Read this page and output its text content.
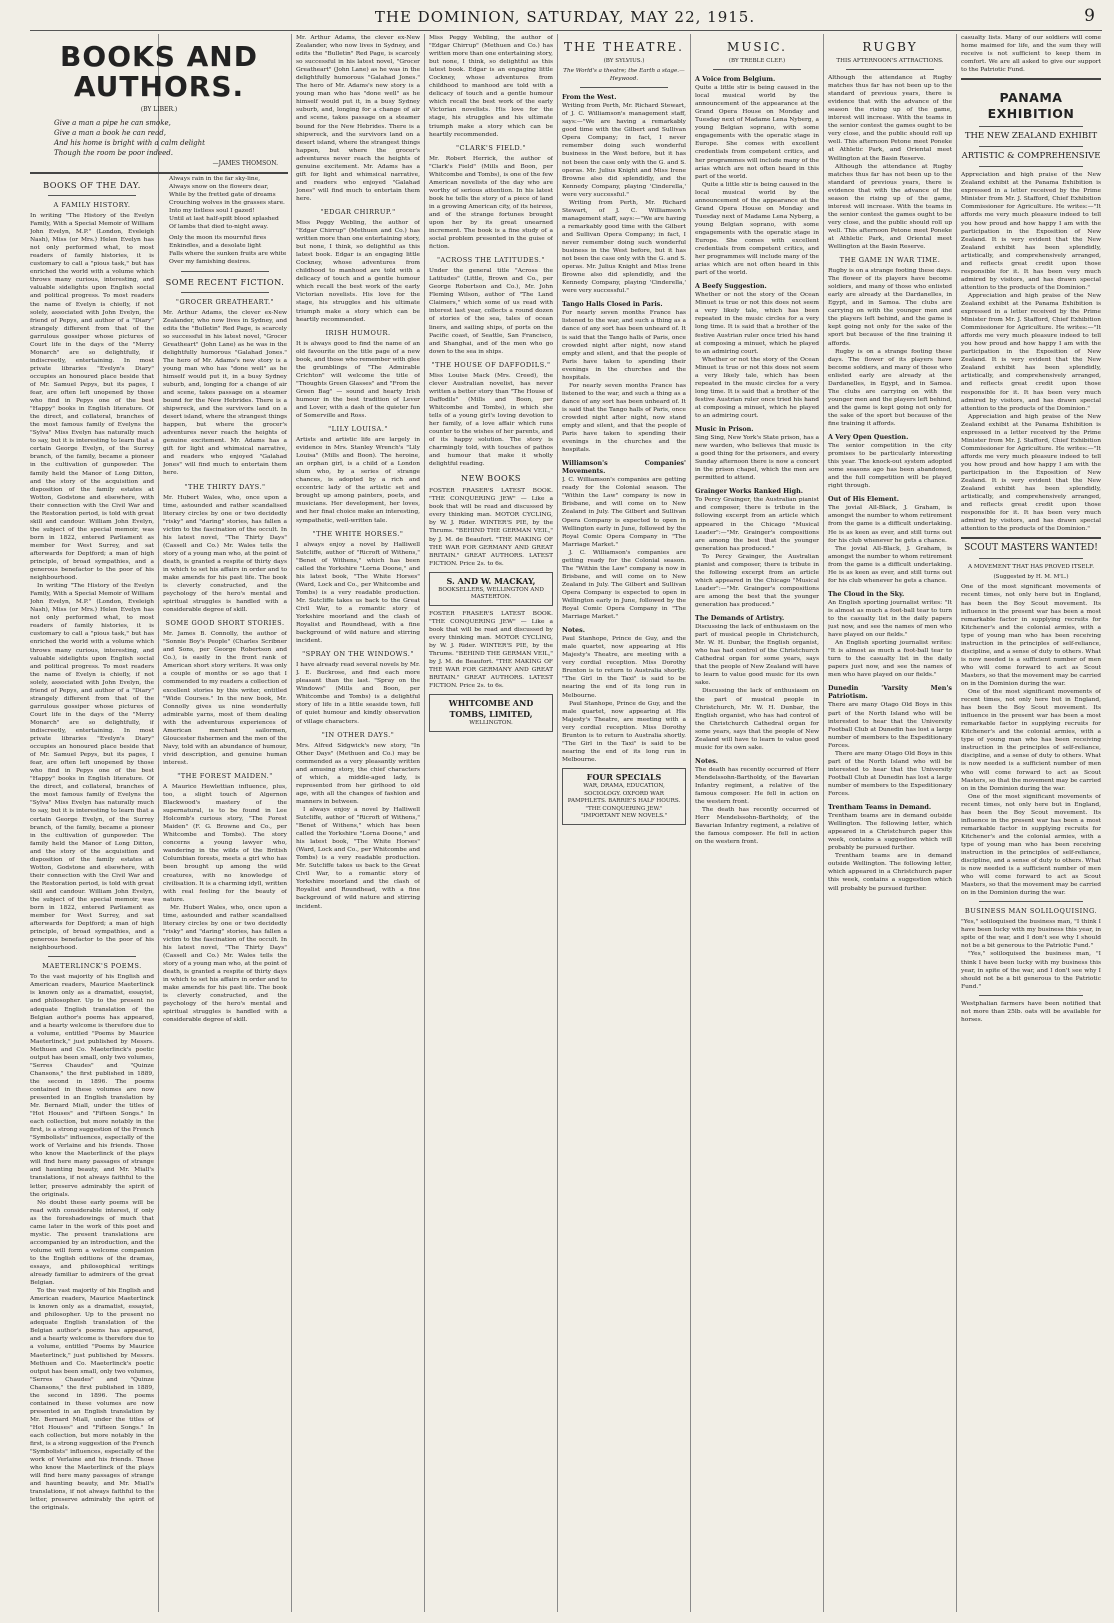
THE DOMINION, SATURDAY, MAY 22, 1915.	9
BOOKS AND AUTHORS.
(BY LIBER.)
Give a man a pipe he can smoke,
Give a man a book he can read,
And his home is bright with a calm delight
Though the room be poor indeed.
—JAMES THOMSON.
BOOKS OF THE DAY.
A FAMILY HISTORY.

In writing "The History of the Evelyn Family, With a Special Memoir of William John Evelyn, M.P." (London, Eveleigh Nash), Miss (or Mrs.) Helen Evelyn has not only performed what, to most readers of family histories, it is customary to call a "pious task," but has enriched the world with a volume which throws many curious, interesting, and valuable sidelights upon English social and political progress. To most readers the name of Evelyn is chiefly, if not solely, associated with John Evelyn, the friend of Pepys, and author of a "Diary" strangely different from that of the garrulous gossiper whose pictures of Court life in the days of the "Merry Monarch" are so delightfully, if indiscreetly, entertaining. In most private libraries "Evelyn's Diary" occupies an honoured place beside that of Mr. Samuel Pepys, but its pages, I fear, are often left unopened by those who find in Pepys one of the best "Happy" books in English literature. Of the direct, and collateral, branches of the most famous family of Evelyns the "Sylva" Miss Evelyn has naturally much to say, but it is interesting to learn that a certain George Evelyn, of the Surrey branch, of the family, became a pioneer in the cultivation of gunpowder. The family held the Manor of Long Ditton, and the story of the acquisition and disposition of the family estates at Wotton, Godstone and elsewhere, with their connection with the Civil War and the Restoration period, is told with great skill and candour. William John Evelyn, the subject of the special memoir, was born in 1822, entered Parliament as member for West Surrey, and sat afterwards for Deptford; a man of high principle, of broad sympathies, and a generous benefactor to the poor of his neighbourhood.

In writing "The History of the Evelyn Family, With a Special Memoir of William John Evelyn, M.P." (London, Eveleigh Nash), Miss (or Mrs.) Helen Evelyn has not only performed what, to most readers of family histories, it is customary to call a "pious task," but has enriched the world with a volume which throws many curious, interesting, and valuable sidelights upon English social and political progress. To most readers the name of Evelyn is chiefly, if not solely, associated with John Evelyn, the friend of Pepys, and author of a "Diary" strangely different from that of the garrulous gossiper whose pictures of Court life in the days of the "Merry Monarch" are so delightfully, if indiscreetly, entertaining. In most private libraries "Evelyn's Diary" occupies an honoured place beside that of Mr. Samuel Pepys, but its pages, I fear, are often left unopened by those who find in Pepys one of the best "Happy" books in English literature. Of the direct, and collateral, branches of the most famous family of Evelyns the "Sylva" Miss Evelyn has naturally much to say, but it is interesting to learn that a certain George Evelyn, of the Surrey branch, of the family, became a pioneer in the cultivation of gunpowder. The family held the Manor of Long Ditton, and the story of the acquisition and disposition of the family estates at Wotton, Godstone and elsewhere, with their connection with the Civil War and the Restoration period, is told with great skill and candour. William John Evelyn, the subject of the special memoir, was born in 1822, entered Parliament as member for West Surrey, and sat afterwards for Deptford; a man of high principle, of broad sympathies, and a generous benefactor to the poor of his neighbourhood.

MAETERLINCK'S POEMS.

To the vast majority of his English and American readers, Maurice Maeterlinck is known only as a dramatist, essayist, and philosopher. Up to the present no adequate English translation of the Belgian author's poems has appeared, and a hearty welcome is therefore due to a volume, entitled "Poems by Maurice Maeterlinck," just published by Messrs. Methuen and Co. Maeterlinck's poetic output has been small, only two volumes, "Serres Chaudes" and "Quinze Chansons," the first published in 1889, the second in 1896. The poems contained in these volumes are now presented in an English translation by Mr. Bernard Miall, under the titles of "Hot Houses" and "Fifteen Songs." In each collection, but more notably in the first, is a strong suggestion of the French "Symbolists" influences, especially of the work of Verlaine and his friends. Those who know the Maeterlinck of the plays will find here many passages of strange and haunting beauty, and Mr. Miall's translations, if not always faithful to the letter, preserve admirably the spirit of the originals.

No doubt these early poems will be read with considerable interest, if only as the foreshadowings of much that came later in the work of this poet and mystic. The present translations are accompanied by an introduction, and the volume will form a welcome companion to the English editions of the dramas, essays, and philosophical writings already familiar to admirers of the great Belgian.

To the vast majority of his English and American readers, Maurice Maeterlinck is known only as a dramatist, essayist, and philosopher. Up to the present no adequate English translation of the Belgian author's poems has appeared, and a hearty welcome is therefore due to a volume, entitled "Poems by Maurice Maeterlinck," just published by Messrs. Methuen and Co. Maeterlinck's poetic output has been small, only two volumes, "Serres Chaudes" and "Quinze Chansons," the first published in 1889, the second in 1896. The poems contained in these volumes are now presented in an English translation by Mr. Bernard Miall, under the titles of "Hot Houses" and "Fifteen Songs." In each collection, but more notably in the first, is a strong suggestion of the French "Symbolists" influences, especially of the work of Verlaine and his friends. Those who know the Maeterlinck of the plays will find here many passages of strange and haunting beauty, and Mr. Miall's translations, if not always faithful to the letter, preserve admirably the spirit of the originals.

Always rain in the far sky-line,
Always snow on the flowers dear,
While by the fretted gate of dreams
Crouching wolves in the grasses stare.
Into my listless soul I gazed!
Until at last half-spilt blood splashed
Of lambs that died to-night away.
Only the moon its mournful fires
Enkindles, and a desolate light
Falls where the sunken fruits are white
Over my famishing desires.
SOME RECENT FICTION.
"GROCER GREATHEART."

Mr. Arthur Adams, the clever ex-New Zealander, who now lives in Sydney, and edits the "Bulletin" Red Page, is scarcely so successful in his latest novel, "Grocer Greatheart" (John Lane) as he was in the delightfully humorous "Galahad Jones." The hero of Mr. Adams's new story is a young man who has "done well" as he himself would put it, in a busy Sydney suburb, and, longing for a change of air and scene, takes passage on a steamer bound for the New Hebrides. There is a shipwreck, and the survivors land on a desert island, where the strangest things happen, but where the grocer's adventures never reach the heights of genuine excitement. Mr. Adams has a gift for light and whimsical narrative, and readers who enjoyed "Galahad Jones" will find much to entertain them here.

"THE THIRTY DAYS."

Mr. Hubert Wales, who, once upon a time, astounded and rather scandalised literary circles by one or two decidedly "risky" and "daring" stories, has fallen a victim to the fascination of the occult. In his latest novel, "The Thirty Days" (Cassell and Co.) Mr. Wales tells the story of a young man who, at the point of death, is granted a respite of thirty days in which to set his affairs in order and to make amends for his past life. The book is cleverly constructed, and the psychology of the hero's mental and spiritual struggles is handled with a considerable degree of skill.

SOME GOOD SHORT STORIES.

Mr. James B. Connolly, the author of "Sonnie Boy's People" (Charles Scribner and Sons, per George Robertson and Co.), is easily in the front rank of American short story writers. It was only a couple of months or so ago that I commended to my readers a collection of excellent stories by this writer, entitled "Wide Courses." In the new book, Mr. Connolly gives us nine wonderfully admirable yarns, most of them dealing with the adventurous experiences of American merchant sailormen, Gloucester fishermen and the men of the Navy, told with an abundance of humour, vivid description, and genuine human interest.

"THE FOREST MAIDEN."

A Maurice Hewlettian influence, plus, too, a slight touch of Algernon Blackwood's mastery of the supernatural, is to be found in Lee Holcomb's curious story, "The Forest Maiden" (F. G. Browne and Co., per Whitcombe and Tombs). The story concerns a young lawyer who, wandering in the wilds of the British Columbian forests, meets a girl who has been brought up among the wild creatures, with no knowledge of civilisation. It is a charming idyll, written with real feeling for the beauty of nature.

Mr. Hubert Wales, who, once upon a time, astounded and rather scandalised literary circles by one or two decidedly "risky" and "daring" stories, has fallen a victim to the fascination of the occult. In his latest novel, "The Thirty Days" (Cassell and Co.) Mr. Wales tells the story of a young man who, at the point of death, is granted a respite of thirty days in which to set his affairs in order and to make amends for his past life. The book is cleverly constructed, and the psychology of the hero's mental and spiritual struggles is handled with a considerable degree of skill.

Mr. Arthur Adams, the clever ex-New Zealander, who now lives in Sydney, and edits the "Bulletin" Red Page, is scarcely so successful in his latest novel, "Grocer Greatheart" (John Lane) as he was in the delightfully humorous "Galahad Jones." The hero of Mr. Adams's new story is a young man who has "done well" as he himself would put it, in a busy Sydney suburb, and, longing for a change of air and scene, takes passage on a steamer bound for the New Hebrides. There is a shipwreck, and the survivors land on a desert island, where the strangest things happen, but where the grocer's adventures never reach the heights of genuine excitement. Mr. Adams has a gift for light and whimsical narrative, and readers who enjoyed "Galahad Jones" will find much to entertain them here.

"EDGAR CHIRRUP."

Miss Peggy Webling, the author of "Edgar Chirrup" (Methuen and Co.) has written more than one entertaining story, but none, I think, so delightful as this latest book. Edgar is an engaging little Cockney, whose adventures from childhood to manhood are told with a delicacy of touch and a gentle humour which recall the best work of the early Victorian novelists. His love for the stage, his struggles and his ultimate triumph make a story which can be heartily recommended.

IRISH HUMOUR.

It is always good to find the name of an old favourite on the title page of a new book, and those who remember with glee the grumblings of "The Admirable Crichton" will welcome the title of "Thoughts Green Glasses" and "From the Green Bag" — sound and hearty Irish humour in the best tradition of Lever and Lover, with a dash of the quieter fun of Somerville and Ross.

"LILY LOUISA."

Artists and artistic life are largely in evidence in Mrs. Stanley Wrench's "Lily Louisa" (Mills and Boon). The heroine, an orphan girl, is a child of a London slum who, by a series of strange chances, is adopted by a rich and eccentric lady of the artistic set and brought up among painters, poets, and musicians. Her development, her loves, and her final choice make an interesting, sympathetic, well-written tale.

"THE WHITE HORSES."

I always enjoy a novel by Halliwell Sutcliffe, author of "Ricroft of Withens," "Benet of Withens," which has been called the Yorkshire "Lorna Doone," and his latest book, "The White Horses" (Ward, Lock and Co., per Whitcombe and Tombs) is a very readable production. Mr. Sutcliffe takes us back to the Great Civil War, to a romantic story of Yorkshire moorland and the clash of Royalist and Roundhead, with a fine background of wild nature and stirring incident.

"SPRAY ON THE WINDOWS."

I have already read several novels by Mr. J. E. Buckrose, and find each more pleasant than the last. "Spray on the Windows" (Mills and Boon, per Whitcombe and Tombs) is a delightful story of life in a little seaside town, full of quiet humour and kindly observation of village characters.

"IN OTHER DAYS."

Mrs. Alfred Sidgwick's new story, "In Other Days" (Methuen and Co.) may be commended as a very pleasantly written and amusing story, the chief characters of which, a middle-aged lady, is represented from her girlhood to old age, with all the changes of fashion and manners in between.

I always enjoy a novel by Halliwell Sutcliffe, author of "Ricroft of Withens," "Benet of Withens," which has been called the Yorkshire "Lorna Doone," and his latest book, "The White Horses" (Ward, Lock and Co., per Whitcombe and Tombs) is a very readable production. Mr. Sutcliffe takes us back to the Great Civil War, to a romantic story of Yorkshire moorland and the clash of Royalist and Roundhead, with a fine background of wild nature and stirring incident.

Miss Peggy Webling, the author of "Edgar Chirrup" (Methuen and Co.) has written more than one entertaining story, but none, I think, so delightful as this latest book. Edgar is an engaging little Cockney, whose adventures from childhood to manhood are told with a delicacy of touch and a gentle humour which recall the best work of the early Victorian novelists. His love for the stage, his struggles and his ultimate triumph make a story which can be heartily recommended.

"CLARK'S FIELD."

Mr. Robert Herrick, the author of "Clark's Field" (Mills and Boon, per Whitcombe and Tombs), is one of the few American novelists of the day who are worthy of serious attention. In his latest book he tells the story of a piece of land in a growing American city, of its heiress, and of the strange fortunes brought upon her by its great unearned increment. The book is a fine study of a social problem presented in the guise of fiction.

"ACROSS THE LATITUDES."

Under the general title "Across the Latitudes" (Little, Brown and Co., per George Robertson and Co.), Mr. John Fleming Wilson, author of "The Land Claimers," which some of us read with interest last year, collects a round dozen of stories of the sea, tales of ocean liners, and sailing ships, of ports on the Pacific coast, of Seattle, San Francisco, and Shanghai, and of the men who go down to the sea in ships.

"THE HOUSE OF DAFFODILS."

Miss Louise Mack (Mrs. Creed), the clever Australian novelist, has never written a better story than "The House of Daffodils" (Mills and Boon, per Whitcombe and Tombs), in which she tells of a young girl's loving devotion to her family, of a love affair which runs counter to the wishes of her parents, and of its happy solution. The story is charmingly told, with touches of pathos and humour that make it wholly delightful reading.

NEW BOOKS

FOSTER FRASER'S LATEST BOOK. "THE CONQUERING JEW" — Like a book that will be read and discussed by every thinking man. MOTOR CYCLING, by W. J. Rider. WINTER'S PIE, by the Thrums. "BEHIND THE GERMAN VEIL," by J. M. de Beaufort. "THE MAKING OF THE WAR FOR GERMANY AND GREAT BRITAIN." GREAT AUTHORS. LATEST FICTION. Price 2s. to 6s.

S. AND W. MACKAY,
BOOKSELLERS, WELLINGTON AND MASTERTON.

FOSTER FRASER'S LATEST BOOK. "THE CONQUERING JEW" — Like a book that will be read and discussed by every thinking man. MOTOR CYCLING, by W. J. Rider. WINTER'S PIE, by the Thrums. "BEHIND THE GERMAN VEIL," by J. M. de Beaufort. "THE MAKING OF THE WAR FOR GERMANY AND GREAT BRITAIN." GREAT AUTHORS. LATEST FICTION. Price 2s. to 6s.

WHITCOMBE AND TOMBS, LIMITED,
WELLINGTON.
THE THEATRE.
(BY SYLVIUS.)
The World's a theatre; the Earth a stage.—Heywood.
From the West.

Writing from Perth, Mr. Richard Stewart, of J. C. Williamson's management staff, says:—"We are having a remarkably good time with the Gilbert and Sullivan Opera Company; in fact, I never remember doing such wonderful business in the West before, but it has not been the case only with the G. and S. operas. Mr. Julius Knight and Miss Irene Browne also did splendidly, and the Kennedy Company, playing 'Cinderella,' were very successful."

Writing from Perth, Mr. Richard Stewart, of J. C. Williamson's management staff, says:—"We are having a remarkably good time with the Gilbert and Sullivan Opera Company; in fact, I never remember doing such wonderful business in the West before, but it has not been the case only with the G. and S. operas. Mr. Julius Knight and Miss Irene Browne also did splendidly, and the Kennedy Company, playing 'Cinderella,' were very successful."

Tango Halls Closed in Paris.

For nearly seven months France has listened to the war, and such a thing as a dance of any sort has been unheard of. It is said that the Tango halls of Paris, once crowded night after night, now stand empty and silent, and that the people of Paris have taken to spending their evenings in the churches and the hospitals.

For nearly seven months France has listened to the war, and such a thing as a dance of any sort has been unheard of. It is said that the Tango halls of Paris, once crowded night after night, now stand empty and silent, and that the people of Paris have taken to spending their evenings in the churches and the hospitals.

Williamson's Companies' Movements.

J. C. Williamson's companies are getting ready for the Colonial season. The "Within the Law" company is now in Brisbane, and will come on to New Zealand in July. The Gilbert and Sullivan Opera Company is expected to open in Wellington early in June, followed by the Royal Comic Opera Company in "The Marriage Market."

J. C. Williamson's companies are getting ready for the Colonial season. The "Within the Law" company is now in Brisbane, and will come on to New Zealand in July. The Gilbert and Sullivan Opera Company is expected to open in Wellington early in June, followed by the Royal Comic Opera Company in "The Marriage Market."

Notes.

Paul Stanhope, Prince de Guy, and the male quartet, now appearing at His Majesty's Theatre, are meeting with a very cordial reception. Miss Dorothy Brunton is to return to Australia shortly. "The Girl in the Taxi" is said to be nearing the end of its long run in Melbourne.

Paul Stanhope, Prince de Guy, and the male quartet, now appearing at His Majesty's Theatre, are meeting with a very cordial reception. Miss Dorothy Brunton is to return to Australia shortly. "The Girl in the Taxi" is said to be nearing the end of its long run in Melbourne.

FOUR SPECIALS
WAR, DRAMA, EDUCATION, SOCIOLOGY. OXFORD WAR PAMPHLETS. BARRIE'S HALF HOURS. "THE CONQUERING JEW." "IMPORTANT NEW NOVELS."
MUSIC.
(BY TREBLE CLEF.)
A Voice from Belgium.

Quite a little stir is being caused in the local musical world by the announcement of the appearance at the Grand Opera House on Monday and Tuesday next of Madame Lena Nyberg, a young Belgian soprano, with some engagements with the operatic stage in Europe. She comes with excellent credentials from competent critics, and her programmes will include many of the arias which are not often heard in this part of the world.

Quite a little stir is being caused in the local musical world by the announcement of the appearance at the Grand Opera House on Monday and Tuesday next of Madame Lena Nyberg, a young Belgian soprano, with some engagements with the operatic stage in Europe. She comes with excellent credentials from competent critics, and her programmes will include many of the arias which are not often heard in this part of the world.

A Beefy Suggestion.

Whether or not the story of the Ocean Minuet is true or not this does not seem a very likely tale, which has been repeated in the music circles for a very long time. It is said that a brother of the festive Austrian ruler once tried his hand at composing a minuet, which he played to an admiring court.

Whether or not the story of the Ocean Minuet is true or not this does not seem a very likely tale, which has been repeated in the music circles for a very long time. It is said that a brother of the festive Austrian ruler once tried his hand at composing a minuet, which he played to an admiring court.

Music in Prison.

Sing Sing, New York's State prison, has a new warden, who believes that music is a good thing for the prisoners, and every Sunday afternoon there is now a concert in the prison chapel, which the men are permitted to attend.

Grainger Works Ranked High.

To Percy Grainger, the Australian pianist and composer, there is tribute in the following excerpt from an article which appeared in the Chicago "Musical Leader":—"Mr. Grainger's compositions are among the best that the younger generation has produced."

To Percy Grainger, the Australian pianist and composer, there is tribute in the following excerpt from an article which appeared in the Chicago "Musical Leader":—"Mr. Grainger's compositions are among the best that the younger generation has produced."

The Demands of Artistry.

Discussing the lack of enthusiasm on the part of musical people in Christchurch, Mr. W. H. Dunbar, the English organist, who has had control of the Christchurch Cathedral organ for some years, says that the people of New Zealand will have to learn to value good music for its own sake.

Discussing the lack of enthusiasm on the part of musical people in Christchurch, Mr. W. H. Dunbar, the English organist, who has had control of the Christchurch Cathedral organ for some years, says that the people of New Zealand will have to learn to value good music for its own sake.

Notes.

The death has recently occurred of Herr Mendelssohn-Bartholdy, of the Bavarian Infantry regiment, a relative of the famous composer. He fell in action on the western front.

The death has recently occurred of Herr Mendelssohn-Bartholdy, of the Bavarian Infantry regiment, a relative of the famous composer. He fell in action on the western front.

RUGBY
THIS AFTERNOON'S ATTRACTIONS.

Although the attendance at Rugby matches thus far has not been up to the standard of previous years, there is evidence that with the advance of the season the rising up of the game, interest will increase. With the teams in the senior contest the games ought to be very close, and the public should roll up well. This afternoon Petone meet Poneke at Athletic Park, and Oriental meet Wellington at the Basin Reserve.

Although the attendance at Rugby matches thus far has not been up to the standard of previous years, there is evidence that with the advance of the season the rising up of the game, interest will increase. With the teams in the senior contest the games ought to be very close, and the public should roll up well. This afternoon Petone meet Poneke at Athletic Park, and Oriental meet Wellington at the Basin Reserve.

THE GAME IN WAR TIME.

Rugby is on a strange footing these days. The flower of its players have become soldiers, and many of those who enlisted early are already at the Dardanelles, in Egypt, and in Samoa. The clubs are carrying on with the younger men and the players left behind, and the game is kept going not only for the sake of the sport but because of the fine training it affords.

Rugby is on a strange footing these days. The flower of its players have become soldiers, and many of those who enlisted early are already at the Dardanelles, in Egypt, and in Samoa. The clubs are carrying on with the younger men and the players left behind, and the game is kept going not only for the sake of the sport but because of the fine training it affords.

A Very Open Question.

The senior competition in the city promises to be particularly interesting this year. The knock-out system adopted some seasons ago has been abandoned, and the full competition will be played right through.

Out of His Element.

The jovial All-Black, J. Graham, is amongst the number to whom retirement from the game is a difficult undertaking. He is as keen as ever, and still turns out for his club whenever he gets a chance.

The jovial All-Black, J. Graham, is amongst the number to whom retirement from the game is a difficult undertaking. He is as keen as ever, and still turns out for his club whenever he gets a chance.

The Cloud in the Sky.

An English sporting journalist writes: "It is almost as much a foot-ball tear to turn to the casualty list in the daily papers just now, and see the names of men who have played on our fields."

An English sporting journalist writes: "It is almost as much a foot-ball tear to turn to the casualty list in the daily papers just now, and see the names of men who have played on our fields."

Dunedin 'Varsity Men's Patriotism.

There are many Otago Old Boys in this part of the North Island who will be interested to hear that the University Football Club at Dunedin has lost a large number of members to the Expeditionary Forces.

There are many Otago Old Boys in this part of the North Island who will be interested to hear that the University Football Club at Dunedin has lost a large number of members to the Expeditionary Forces.

Trentham Teams in Demand.

Trentham teams are in demand outside Wellington. The following letter, which appeared in a Christchurch paper this week, contains a suggestion which will probably be pursued further.

Trentham teams are in demand outside Wellington. The following letter, which appeared in a Christchurch paper this week, contains a suggestion which will probably be pursued further.

casualty lists. Many of our soldiers will come home maimed for life, and the sum they will receive is not sufficient to keep them in comfort. We are all asked to give our support to the Patriotic Fund.

PANAMA EXHIBITION
THE NEW ZEALAND EXHIBIT
ARTISTIC & COMPREHENSIVE

Appreciation and high praise of the New Zealand exhibit at the Panama Exhibition is expressed in a letter received by the Prime Minister from Mr. J. Stafford, Chief Exhibition Commissioner for Agriculture. He writes:—"It affords me very much pleasure indeed to tell you how proud and how happy I am with the participation in the Exposition of New Zealand. It is very evident that the New Zealand exhibit has been splendidly, artistically, and comprehensively arranged, and reflects great credit upon those responsible for it. It has been very much admired by visitors, and has drawn special attention to the products of the Dominion."

Appreciation and high praise of the New Zealand exhibit at the Panama Exhibition is expressed in a letter received by the Prime Minister from Mr. J. Stafford, Chief Exhibition Commissioner for Agriculture. He writes:—"It affords me very much pleasure indeed to tell you how proud and how happy I am with the participation in the Exposition of New Zealand. It is very evident that the New Zealand exhibit has been splendidly, artistically, and comprehensively arranged, and reflects great credit upon those responsible for it. It has been very much admired by visitors, and has drawn special attention to the products of the Dominion."

Appreciation and high praise of the New Zealand exhibit at the Panama Exhibition is expressed in a letter received by the Prime Minister from Mr. J. Stafford, Chief Exhibition Commissioner for Agriculture. He writes:—"It affords me very much pleasure indeed to tell you how proud and how happy I am with the participation in the Exposition of New Zealand. It is very evident that the New Zealand exhibit has been splendidly, artistically, and comprehensively arranged, and reflects great credit upon those responsible for it. It has been very much admired by visitors, and has drawn special attention to the products of the Dominion."

SCOUT MASTERS WANTED!
A MOVEMENT THAT HAS PROVED ITSELF.
(Suggested by H. M. M'L.)

One of the most significant movements of recent times, not only here but in England, has been the Boy Scout movement. Its influence in the present war has been a most remarkable factor in supplying recruits for Kitchener's and the colonial armies, with a type of young man who has been receiving instruction in the principles of self-reliance, discipline, and a sense of duty to others. What is now needed is a sufficient number of men who will come forward to act as Scout Masters, so that the movement may be carried on in the Dominion during the war.

One of the most significant movements of recent times, not only here but in England, has been the Boy Scout movement. Its influence in the present war has been a most remarkable factor in supplying recruits for Kitchener's and the colonial armies, with a type of young man who has been receiving instruction in the principles of self-reliance, discipline, and a sense of duty to others. What is now needed is a sufficient number of men who will come forward to act as Scout Masters, so that the movement may be carried on in the Dominion during the war.

One of the most significant movements of recent times, not only here but in England, has been the Boy Scout movement. Its influence in the present war has been a most remarkable factor in supplying recruits for Kitchener's and the colonial armies, with a type of young man who has been receiving instruction in the principles of self-reliance, discipline, and a sense of duty to others. What is now needed is a sufficient number of men who will come forward to act as Scout Masters, so that the movement may be carried on in the Dominion during the war.

BUSINESS MAN SOLILOQUISING.

"Yes," soliloquised the business man, "I think I have been lucky with my business this year, in spite of the war, and I don't see why I should not be a bit generous to the Patriotic Fund."

"Yes," soliloquised the business man, "I think I have been lucky with my business this year, in spite of the war, and I don't see why I should not be a bit generous to the Patriotic Fund."

Westphalian farmers have been notified that not more than 25lb. oats will be available for horses.
